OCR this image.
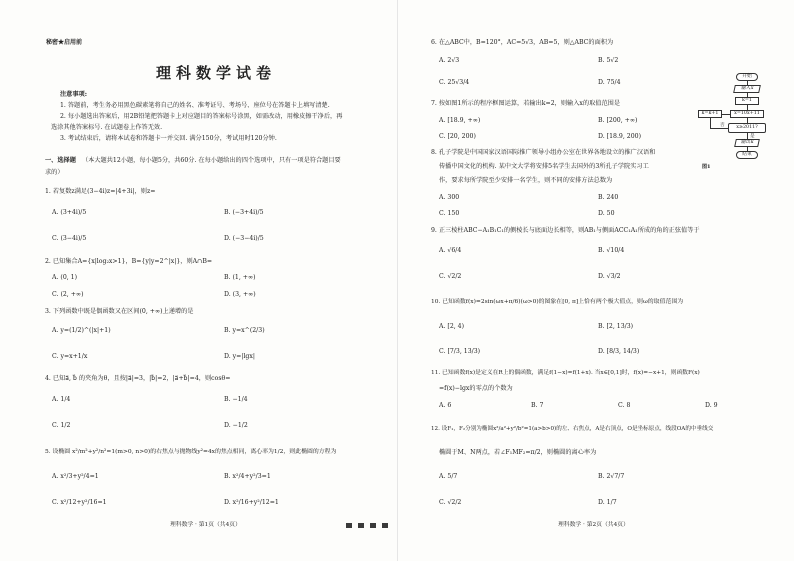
秘密★启用前
理科数学试卷
注意事项:
1. 答题前，考生务必用黑色碳素笔将自己的姓名、准考证号、考场号、座位号在答题卡上填写清楚.
2. 每小题选出答案后，用2B铅笔把答题卡上对应题目的答案标号涂黑，如需改动，用橡皮擦干净后，再
选涂其他答案标号. 在试题卷上作答无效.
3. 考试结束后，请将本试卷和答题卡一并交回. 满分150分，考试用时120分钟.
一、选择题 （本大题共12小题，每小题5分，共60分. 在每小题给出的四个选项中，只有一项是符合题目要
求的）
1. 若复数z满足(3−4i)z=|4+3i|，则z=
A. (3+4i)/5	B. (−3+4i)/5
C. (3−4i)/5	D. (−3−4i)/5
2. 已知集合A={x|log₂x>1}，B={y|y=2^|x|}，则A∩B=
A. (0, 1)	B. (1, +∞)
C. (2, +∞)	D. (3, +∞)
3. 下列函数中既是偶函数又在区间(0, +∞)上递增的是
A. y=(1/2)^(|x|+1)	B. y=x^(2/3)
C. y=x+1/x	D. y=|lgx|
4. 已知a⃗, b⃗ 的夹角为θ，且按|a⃗|=3，|b⃗|=2，|a⃗+b⃗|=4，则cosθ=
A. 1/4	B. −1/4
C. 1/2	D. −1/2
5. 设椭圆 x²/m²+y²/n²=1(m>0, n>0)的右焦点与抛物线y²=4x的焦点相同，离心率为1/2，则此椭圆的方程为
A. x²/3+y²/4=1	B. x²/4+y²/3=1
C. x²/12+y²/16=1	D. x²/16+y²/12=1
理科数学 · 第1页（共4页）
6. 在△ABC中，B=120°，AC=5√3，AB=5，则△ABC的面积为
A. 2√3	B. 5√2
C. 25√3/4	D. 75/4
7. 按如图1所示的程序框图运算，若输出k=2，则输入x的取值范围是
A. [18.9, +∞)	B. [200, +∞)
C. [20, 200)	D. [18.9, 200)
8. 孔子学院是中国国家汉语国际推广领导小组办公室在世界各地设立的推广汉语和
传播中国文化的机构. 某中文大学将安排5名学生去国外的3所孔子学院实习工
作，要求每所学院至少安排一名学生，则不同的安排方法总数为
A. 300	B. 240
C. 150	D. 50
9. 正三棱柱ABC−A₁B₁C₁的侧棱长与底面边长相等，则AB₁与侧面ACC₁A₁所成的角的正弦值等于
A. √6/4	B. √10/4
C. √2/2	D. √3/2
10. 已知函数f(x)=2sin(ωx+π/6)(ω>0)的图象在[0, π]上恰有两个极大值点，则ω的取值范围为
A. [2, 4)	B. [2, 13/3)
C. [7/3, 13/3)	D. [8/3, 14/3)
11. 已知函数f(x)是定义在R上的偶函数，满足f(1−x)=f(1+x). 当x∈[0,1]时，f(x)=−x+1，则函数F(x)
=f(x)−lgx的零点的个数为
A. 6	B. 7	C. 8	D. 9
12. 设F₁，F₂分别为椭圆x²/a²+y²/b²=1(a>b>0)的左、右焦点，A是右顶点，O是坐标原点，线段OA的中垂线交
椭圆于M、N两点，若∠F₁MF₂=π/2，则椭圆的离心率为
A. 5/7	B. 2√7/7
C. √2/2	D. 1/7
理科数学 · 第2页（共4页）
开始
输入x
k=1
x=10x+11
k=k+1
x≥2011?
否
是
输出k
结束
图1
